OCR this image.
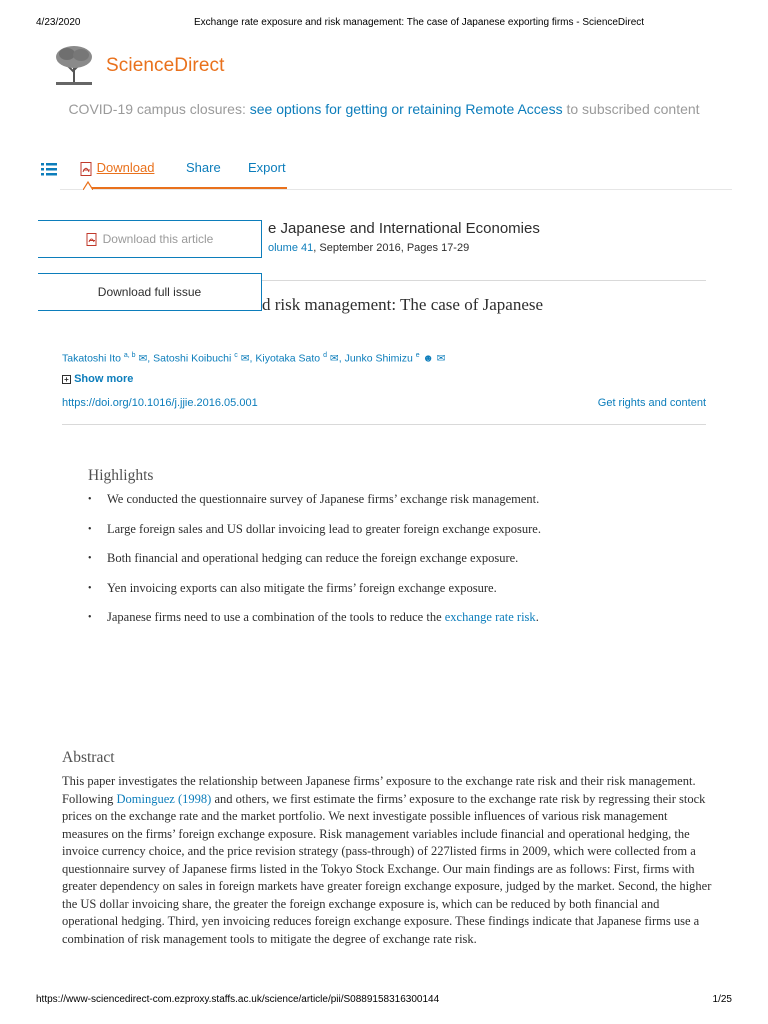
4/23/2020	Exchange rate exposure and risk management: The case of Japanese exporting firms - ScienceDirect
ScienceDirect
COVID-19 campus closures: see options for getting or retaining Remote Access to subscribed content
Download Share Export
e Japanese and International Economies
olume 41, September 2016, Pages 17-29
d risk management: The case of Japanese
Download this article
Download full issue
Takatoshi Ito $^{a, b}$ ✉, Satoshi Koibuchi $^c$ ✉, Kiyotaka Sato $^d$ ✉, Junko Shimizu $^e$ ☻ ✉
+ Show more
https://doi.org/10.1016/j.jjie.2016.05.001	Get rights and content
Highlights
• We conducted the questionnaire survey of Japanese firms’ exchange risk management.
• Large foreign sales and US dollar invoicing lead to greater foreign exchange exposure.
• Both financial and operational hedging can reduce the foreign exchange exposure.
• Yen invoicing exports can also mitigate the firms’ foreign exchange exposure.
• Japanese firms need to use a combination of the tools to reduce the exchange rate risk.
Abstract

This paper investigates the relationship between Japanese firms’ exposure to the exchange rate risk and their risk management. Following Dominguez (1998) and others, we first estimate the firms’ exposure to the exchange rate risk by regressing their stock prices on the exchange rate and the market portfolio. We next investigate possible influences of various risk management measures on the firms’ foreign exchange exposure. Risk management variables include financial and operational hedging, the invoice currency choice, and the price revision strategy (pass-through) of 227listed firms in 2009, which were collected from a questionnaire survey of Japanese firms listed in the Tokyo Stock Exchange. Our main findings are as follows: First, firms with greater dependency on sales in foreign markets have greater foreign exchange exposure, judged by the market. Second, the higher the US dollar invoicing share, the greater the foreign exchange exposure is, which can be reduced by both financial and operational hedging. Third, yen invoicing reduces foreign exchange exposure. These findings indicate that Japanese firms use a combination of risk management tools to mitigate the degree of exchange rate risk.

https://www-sciencedirect-com.ezproxy.staffs.ac.uk/science/article/pii/S0889158316300144	1/25
